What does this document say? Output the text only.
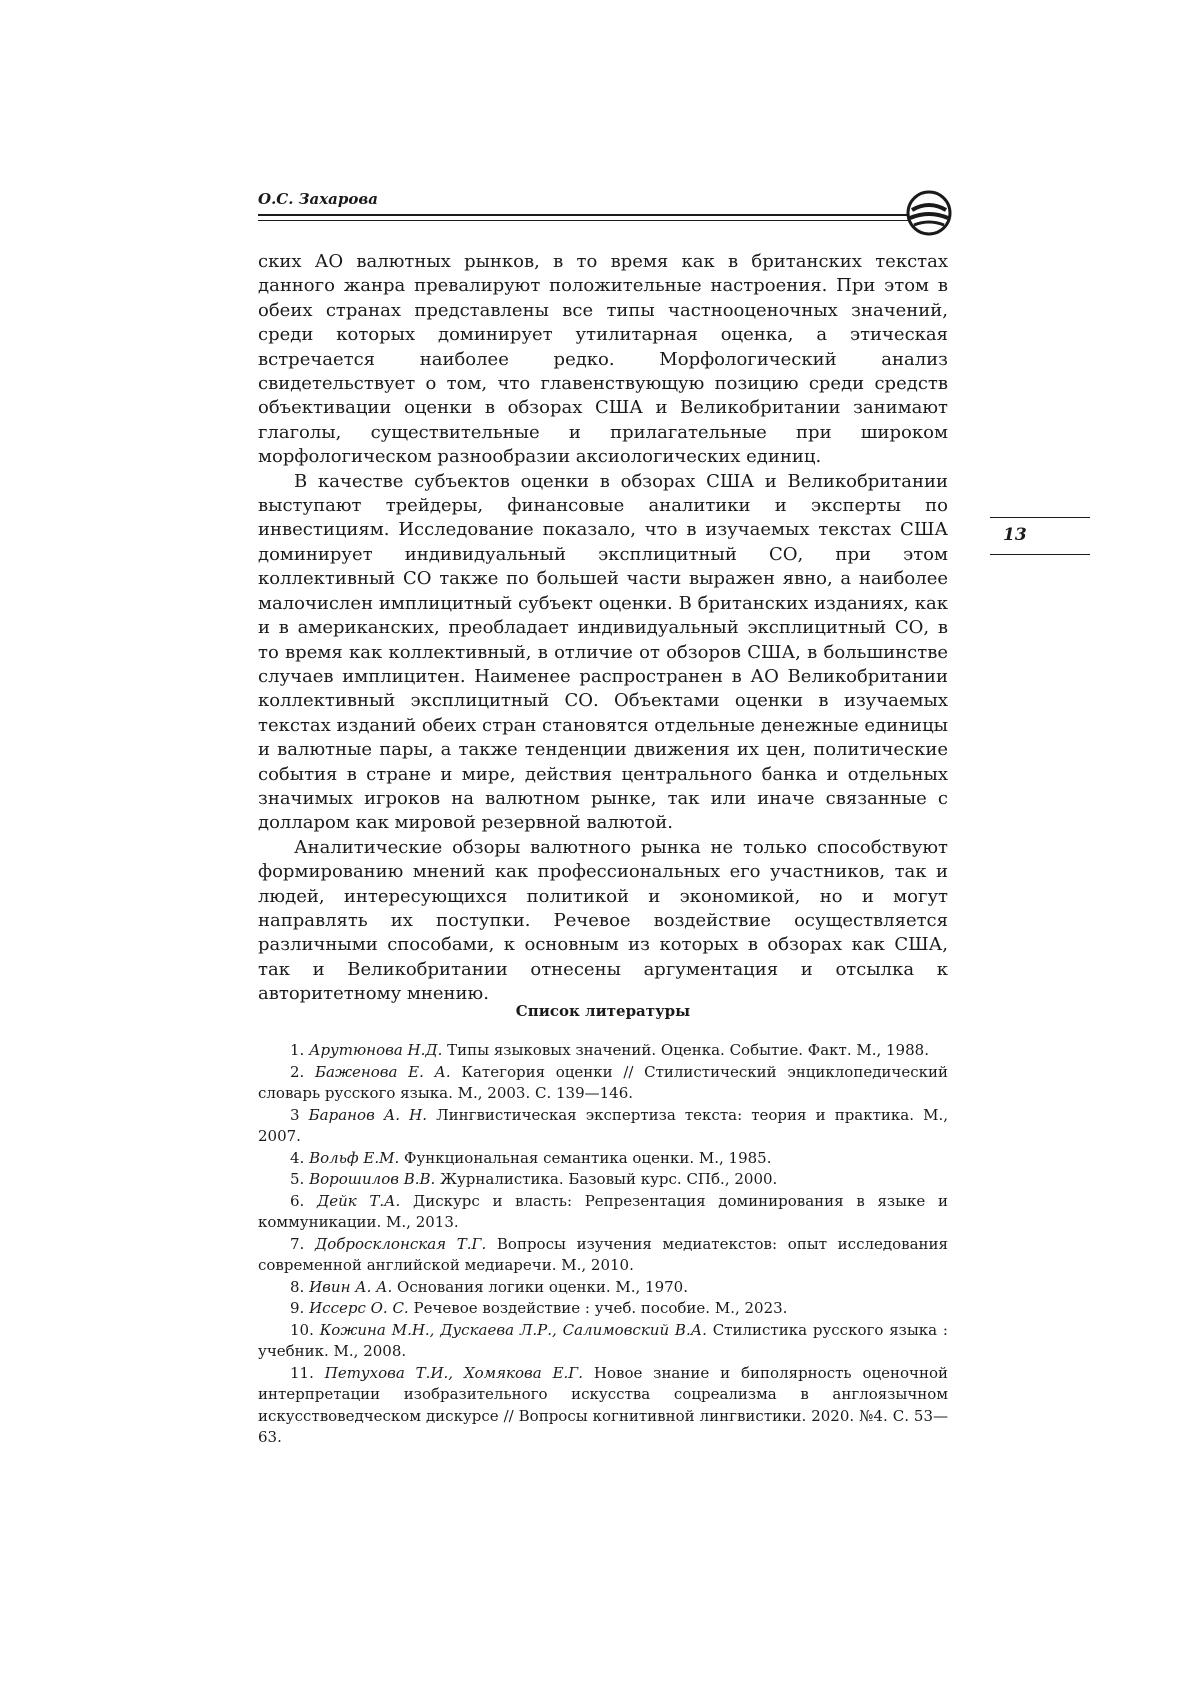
О.С. Захарова
13

ских АО валютных рынков, в то время как в британских текстах данного жанра превалируют положительные настроения. При этом в обеих странах представлены все типы частнооценочных значений, среди которых доминирует утилитарная оценка, а этическая встречается наиболее редко. Морфологический анализ свидетельствует о том, что главенствующую позицию среди средств объективации оценки в обзорах США и Великобритании занимают глаголы, существительные и прилагательные при широком морфологическом разнообразии аксиологических единиц.

В качестве субъектов оценки в обзорах США и Великобритании выступают трейдеры, финансовые аналитики и эксперты по инвестициям. Исследование показало, что в изучаемых текстах США доминирует индивидуальный эксплицитный СО, при этом коллективный СО также по большей части выражен явно, а наиболее малочислен имплицитный субъект оценки. В британских изданиях, как и в американских, преобладает индивидуальный эксплицитный СО, в то время как коллективный, в отличие от обзоров США, в большинстве случаев имплицитен. Наименее распространен в АО Великобритании коллективный эксплицитный СО. Объектами оценки в изучаемых текстах изданий обеих стран становятся отдельные денежные единицы и валютные пары, а также тенденции движения их цен, политические события в стране и мире, действия центрального банка и отдельных значимых игроков на валютном рынке, так или иначе связанные с долларом как мировой резервной валютой.

Аналитические обзоры валютного рынка не только способствуют формированию мнений как профессиональных его участников, так и людей, интересующихся политикой и экономикой, но и могут направлять их поступки. Речевое воздействие осуществляется различными способами, к основным из которых в обзорах как США, так и Великобритании отнесены аргументация и отсылка к авторитетному мнению.

Список литературы

1. Арутюнова Н.Д. Типы языковых значений. Оценка. Событие. Факт. М., 1988.

2. Баженова Е. А. Категория оценки // Стилистический энциклопедический словарь русского языка. М., 2003. С. 139—146.

3 Баранов А. Н. Лингвистическая экспертиза текста: теория и практика. М., 2007.

4. Вольф Е.М. Функциональная семантика оценки. М., 1985.

5. Ворошилов В.В. Журналистика. Базовый курс. СПб., 2000.

6. Дейк Т.А. Дискурс и власть: Репрезентация доминирования в языке и коммуникации. М., 2013.

7. Добросклонская Т.Г. Вопросы изучения медиатекстов: опыт исследования современной английской медиаречи. М., 2010.

8. Ивин А. А. Основания логики оценки. М., 1970.

9. Иссерс О. С. Речевое воздействие : учеб. пособие. М., 2023.

10. Кожина М.Н., Дускаева Л.Р., Салимовский В.А. Стилистика русского языка : учебник. М., 2008.

11. Петухова Т.И., Хомякова Е.Г. Новое знание и биполярность оценочной интерпретации изобразительного искусства соцреализма в англоязычном искусствоведческом дискурсе // Вопросы когнитивной лингвистики. 2020. №4. С. 53—63.
